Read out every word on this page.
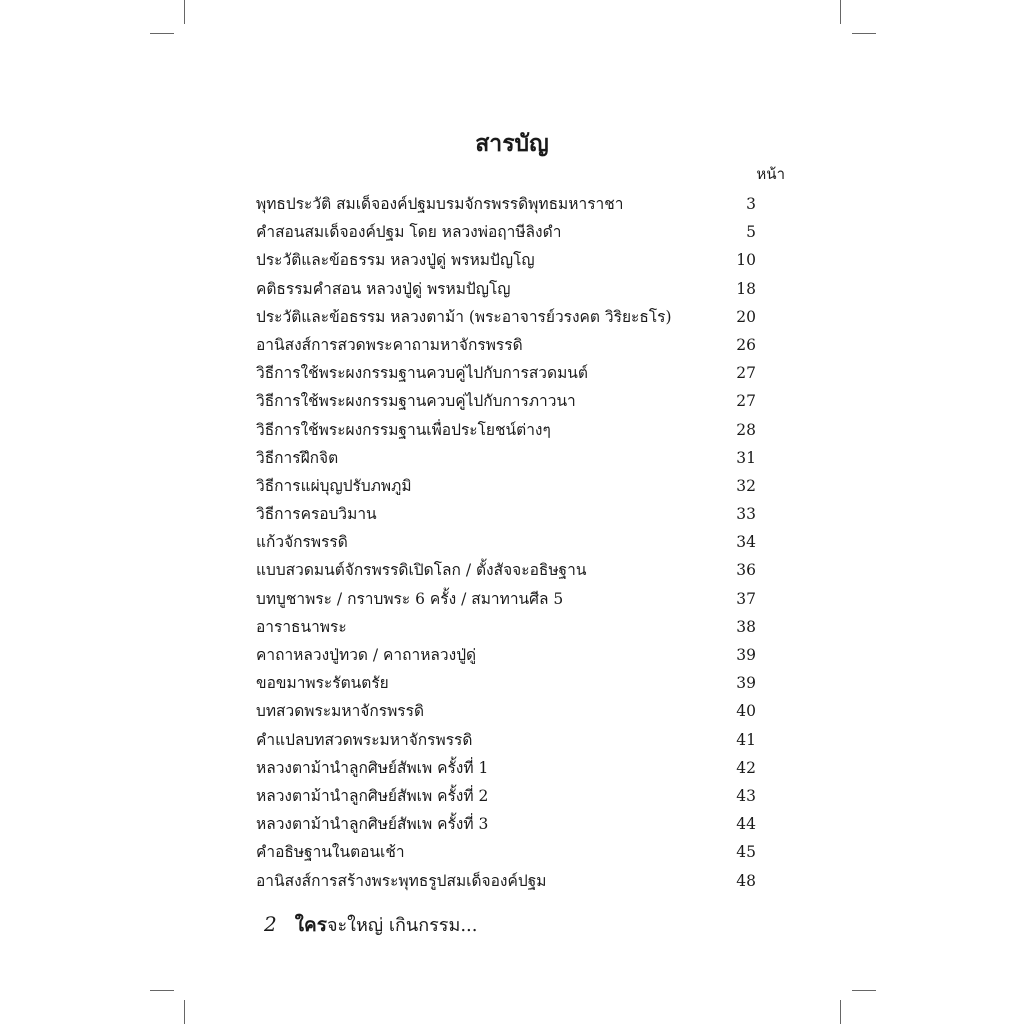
สารบัญ
หน้า
พุทธประวัติ สมเด็จองค์ปฐมบรมจักรพรรดิพุทธมหาราชา	3
คำสอนสมเด็จองค์ปฐม โดย หลวงพ่อฤาษีลิงดำ	5
ประวัติและข้อธรรม หลวงปู่ดู่ พรหมปัญโญ	10
คติธรรมคำสอน หลวงปู่ดู่ พรหมปัญโญ	18
ประวัติและข้อธรรม หลวงตาม้า (พระอาจารย์วรงคต วิริยะธโร)	20
อานิสงส์การสวดพระคาถามหาจักรพรรดิ	26
วิธีการใช้พระผงกรรมฐานควบคู่ไปกับการสวดมนต์	27
วิธีการใช้พระผงกรรมฐานควบคู่ไปกับการภาวนา	27
วิธีการใช้พระผงกรรมฐานเพื่อประโยชน์ต่างๆ	28
วิธีการฝึกจิต	31
วิธีการแผ่บุญปรับภพภูมิ	32
วิธีการครอบวิมาน	33
แก้วจักรพรรดิ	34
แบบสวดมนต์จักรพรรดิเปิดโลก / ตั้งสัจจะอธิษฐาน	36
บทบูชาพระ / กราบพระ 6 ครั้ง / สมาทานศีล 5	37
อาราธนาพระ	38
คาถาหลวงปู่ทวด / คาถาหลวงปู่ดู่	39
ขอขมาพระรัตนตรัย	39
บทสวดพระมหาจักรพรรดิ	40
คำแปลบทสวดพระมหาจักรพรรดิ	41
หลวงตาม้านำลูกศิษย์สัพเพ ครั้งที่ 1	42
หลวงตาม้านำลูกศิษย์สัพเพ ครั้งที่ 2	43
หลวงตาม้านำลูกศิษย์สัพเพ ครั้งที่ 3	44
คำอธิษฐานในตอนเช้า	45
อานิสงส์การสร้างพระพุทธรูปสมเด็จองค์ปฐม	48
2 ใครจะใหญ่ เกินกรรม...
